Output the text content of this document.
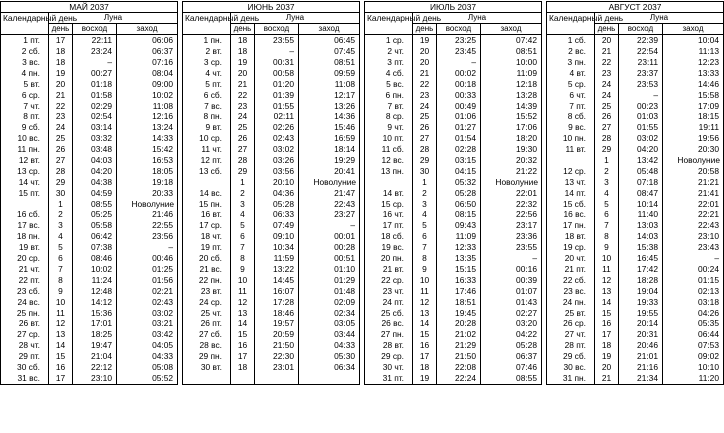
МАЙ 2037			
Календарный день	Луна		
	день	восход	заход
1 пт.	17	22:11	06:06
2 сб.	18	23:24	06:37
3 вс.	18	–	07:16
4 пн.	19	00:27	08:04
5 вт.	20	01:18	09:00
6 ср.	21	01:58	10:02
7 чт.	22	02:29	11:08
8 пт.	23	02:54	12:16
9 сб.	24	03:14	13:24
10 вс.	25	03:32	14:33
11 пн.	26	03:48	15:42
12 вт.	27	04:03	16:53
13 ср.	28	04:20	18:05
14 чт.	29	04:38	19:18
15 пт.	30	04:59	20:33
	1	08:55	Новолуние
16 сб.	2	05:25	21:46
17 вс.	3	05:58	22:55
18 пн.	4	06:42	23:56
19 вт.	5	07:38	–
20 ср.	6	08:46	00:46
21 чт.	7	10:02	01:25
22 пт.	8	11:24	01:56
23 сб.	9	12:48	02:21
24 вс.	10	14:12	02:43
25 пн.	11	15:36	03:02
26 вт.	12	17:01	03:21
27 ср.	13	18:25	03:42
28 чт.	14	19:47	04:05
29 пт.	15	21:04	04:33
30 сб.	16	22:12	05:08
31 вс.	17	23:10	05:52
ИЮНЬ 2037			
Календарный день	Луна		
	день	восход	заход
1 пн.	18	23:55	06:45
2 вт.	18	–	07:45
3 ср.	19	00:31	08:51
4 чт.	20	00:58	09:59
5 пт.	21	01:20	11:08
6 сб.	22	01:39	12:17
7 вс.	23	01:55	13:26
8 пн.	24	02:11	14:36
9 вт.	25	02:26	15:46
10 ср.	26	02:43	16:59
11 чт.	27	03:02	18:14
12 пт.	28	03:26	19:29
13 сб.	29	03:56	20:41
	1	20:10	Новолуние
14 вс.	2	04:36	21:47
15 пн.	3	05:28	22:43
16 вт.	4	06:33	23:27
17 ср.	5	07:49	–
18 чт.	6	09:10	00:01
19 пт.	7	10:34	00:28
20 сб.	8	11:59	00:51
21 вс.	9	13:22	01:10
22 пн.	10	14:45	01:29
23 вт.	11	16:07	01:48
24 ср.	12	17:28	02:09
25 чт.	13	18:46	02:34
26 пт.	14	19:57	03:05
27 сб.	15	20:59	03:44
28 вс.	16	21:50	04:33
29 пн.	17	22:30	05:30
30 вт.	18	23:01	06:34

ИЮЛЬ 2037			
Календарный день	Луна		
	день	восход	заход
1 ср.	19	23:25	07:42
2 чт.	20	23:45	08:51
3 пт.	20	–	10:00
4 сб.	21	00:02	11:09
5 вс.	22	00:18	12:18
6 пн.	23	00:33	13:28
7 вт.	24	00:49	14:39
8 ср.	25	01:06	15:52
9 чт.	26	01:27	17:06
10 пт.	27	01:54	18:20
11 сб.	28	02:28	19:30
12 вс.	29	03:15	20:32
13 пн.	30	04:15	21:22
	1	05:32	Новолуние
14 вт.	2	05:28	22:01
15 ср.	3	06:50	22:32
16 чт.	4	08:15	22:56
17 пт.	5	09:43	23:17
18 сб.	6	11:09	23:36
19 вс.	7	12:33	23:55
20 пн.	8	13:35	–
21 вт.	9	15:15	00:16
22 ср.	10	16:33	00:39
23 чт.	11	17:46	01:07
24 пт.	12	18:51	01:43
25 сб.	13	19:45	02:27
26 вс.	14	20:28	03:20
27 пн.	15	21:02	04:22
28 вт.	16	21:29	05:28
29 ср.	17	21:50	06:37
30 чт.	18	22:08	07:46
31 пт.	19	22:24	08:55
АВГУСТ 2037			
Календарный день	Луна		
	день	восход	заход
1 сб.	20	22:39	10:04
2 вс.	21	22:54	11:13
3 пн.	22	23:11	12:23
4 вт.	23	23:37	13:33
5 ср.	24	23:53	14:46
6 чт.	24	–	15:58
7 пт.	25	00:23	17:09
8 сб.	26	01:03	18:15
9 вс.	27	01:55	19:11
10 пн.	28	03:02	19:56
11 вт.	29	04:20	20:30
	1	13:42	Новолуние
12 ср.	2	05:48	20:58
13 чт.	3	07:18	21:21
14 пт.	4	08:47	21:41
15 сб.	5	10:14	22:01
16 вс.	6	11:40	22:21
17 пн.	7	13:03	22:43
18 вт.	8	14:03	23:10
19 ср.	9	15:38	23:43
20 чт.	10	16:45	–
21 пт.	11	17:42	00:24
22 сб.	12	18:28	01:15
23 вс.	13	19:04	02:13
24 пн.	14	19:33	03:18
25 вт.	15	19:55	04:26
26 ср.	16	20:14	05:35
27 чт.	17	20:31	06:44
28 пт.	18	20:46	07:53
29 сб.	19	21:01	09:02
30 вс.	20	21:16	10:10
31 пн.	21	21:34	11:20
